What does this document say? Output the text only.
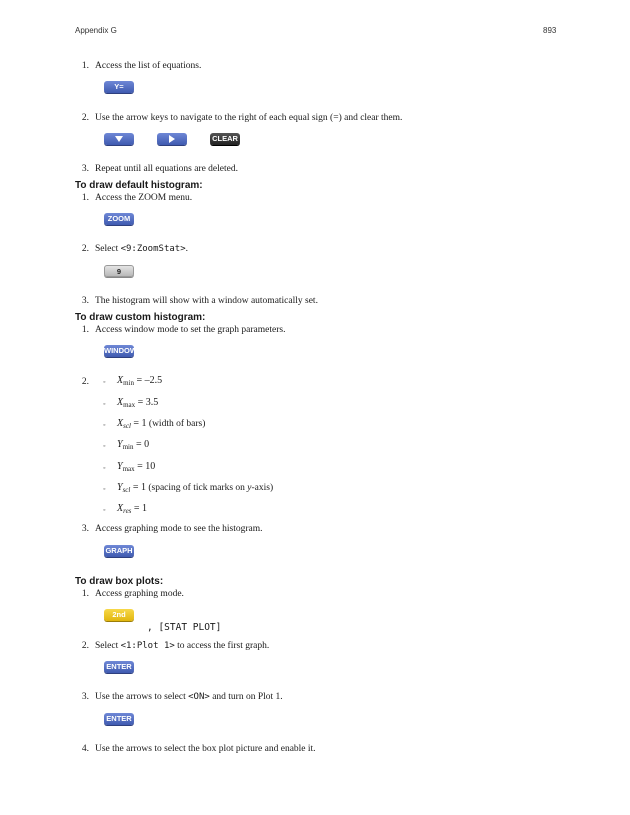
Appendix G	893
1. Access the list of equations.
Y=
2. Use the arrow keys to navigate to the right of each equal sign (=) and clear them.
CLEAR
3. Repeat until all equations are deleted.
To draw default histogram:
1. Access the ZOOM menu.
ZOOM
2. Select <9:ZoomStat>.
9
3. The histogram will show with a window automatically set.
To draw custom histogram:
1. Access window mode to set the graph parameters.
WINDOW
2. ◦ $X_{min} = -2.5$
◦ $X_{max} = 3.5$
◦ $X_{scl} = 1$ (width of bars)
◦ $Y_{min} = 0$
◦ $Y_{max} = 10$
◦ $Y_{scl} = 1$ (spacing of tick marks on y-axis)
◦ $X_{res} = 1$
3. Access graphing mode to see the histogram.
GRAPH
To draw box plots:
1. Access graphing mode.
2nd
, [STAT PLOT]
2. Select <1:Plot 1> to access the first graph.
ENTER
3. Use the arrows to select <ON> and turn on Plot 1.
ENTER
4. Use the arrows to select the box plot picture and enable it.
